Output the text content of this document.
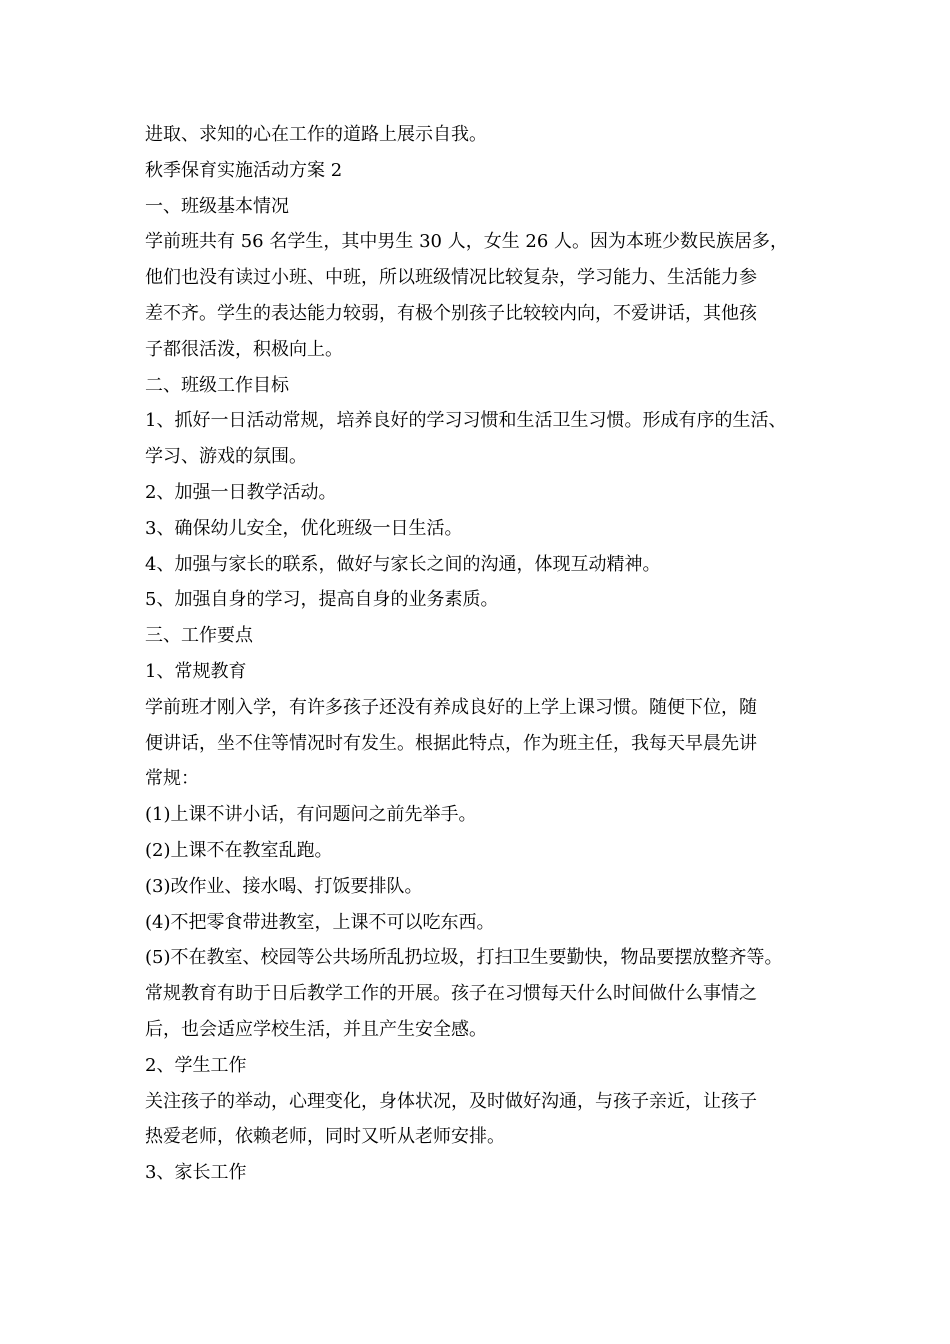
进取、求知的心在工作的道路上展示自我。
秋季保育实施活动方案 2
一、班级基本情况
学前班共有 56 名学生，其中男生 30 人，女生 26 人。因为本班少数民族居多，
他们也没有读过小班、中班，所以班级情况比较复杂，学习能力、生活能力参
差不齐。学生的表达能力较弱，有极个别孩子比较较内向，不爱讲话，其他孩
子都很活泼，积极向上。
二、班级工作目标
1、抓好一日活动常规，培养良好的学习习惯和生活卫生习惯。形成有序的生活、
学习、游戏的氛围。
2、加强一日教学活动。
3、确保幼儿安全，优化班级一日生活。
4、加强与家长的联系，做好与家长之间的沟通，体现互动精神。
5、加强自身的学习，提高自身的业务素质。
三、工作要点
1、常规教育
学前班才刚入学，有许多孩子还没有养成良好的上学上课习惯。随便下位，随
便讲话，坐不住等情况时有发生。根据此特点，作为班主任，我每天早晨先讲
常规：
(1)上课不讲小话，有问题问之前先举手。
(2)上课不在教室乱跑。
(3)改作业、接水喝、打饭要排队。
(4)不把零食带进教室，上课不可以吃东西。
(5)不在教室、校园等公共场所乱扔垃圾，打扫卫生要勤快，物品要摆放整齐等。
常规教育有助于日后教学工作的开展。孩子在习惯每天什么时间做什么事情之
后，也会适应学校生活，并且产生安全感。
2、学生工作
关注孩子的举动，心理变化，身体状况，及时做好沟通，与孩子亲近，让孩子
热爱老师，依赖老师，同时又听从老师安排。
3、家长工作
